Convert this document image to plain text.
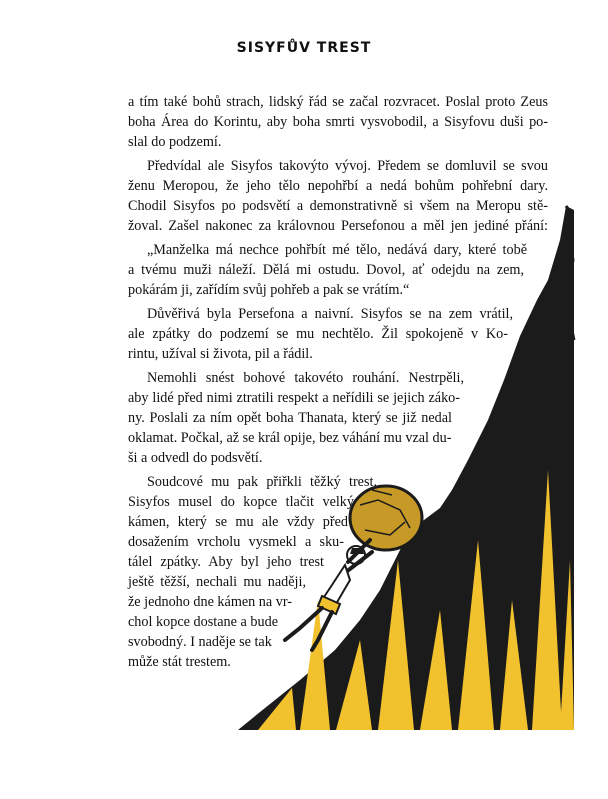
SISYFŮV TREST
a tím také bohů strach, lidský řád se začal rozvracet. Poslal proto Zeus
boha Área do Korintu, aby boha smrti vysvobodil, a Sisyfovu duši po-
slal do podzemí.
Předvídal ale Sisyfos takovýto vývoj. Předem se domluvil se svou
ženu Meropou, že jeho tělo nepohřbí a nedá bohům pohřební dary.
Chodil Sisyfos po podsvětí a demonstrativně si všem na Meropu stě-
žoval. Zašel nakonec za královnou Persefonou a měl jen jediné přání:
„Manželka má nechce pohřbít mé tělo, nedává dary, které tobě
a tvému muži náleží. Dělá mi ostudu. Dovol, ať odejdu na zem,
pokárám ji, zařídím svůj pohřeb a pak se vrátím.“
Důvěřivá byla Persefona a naivní. Sisyfos se na zem vrátil,
ale zpátky do podzemí se mu nechtělo. Žil spokojeně v Ko-
rintu, užíval si života, pil a řádil.
Nemohli snést bohové takovéto rouhání. Nestrpěli,
aby lidé před nimi ztratili respekt a neřídili se jejich záko-
ny. Poslali za ním opět boha Thanata, který se již nedal
oklamat. Počkal, až se král opije, bez váhání mu vzal du-
ši a odvedl do podsvětí.
Soudcové mu pak přiřkli těžký trest.
Sisyfos musel do kopce tlačit velký
kámen, který se mu ale vždy před
dosažením vrcholu vysmekl a sku-
tálel zpátky. Aby byl jeho trest
ještě těžší, nechali mu naději,
že jednoho dne kámen na vr-
chol kopce dostane a bude
svobodný. I naděje se tak
může stát trestem.
